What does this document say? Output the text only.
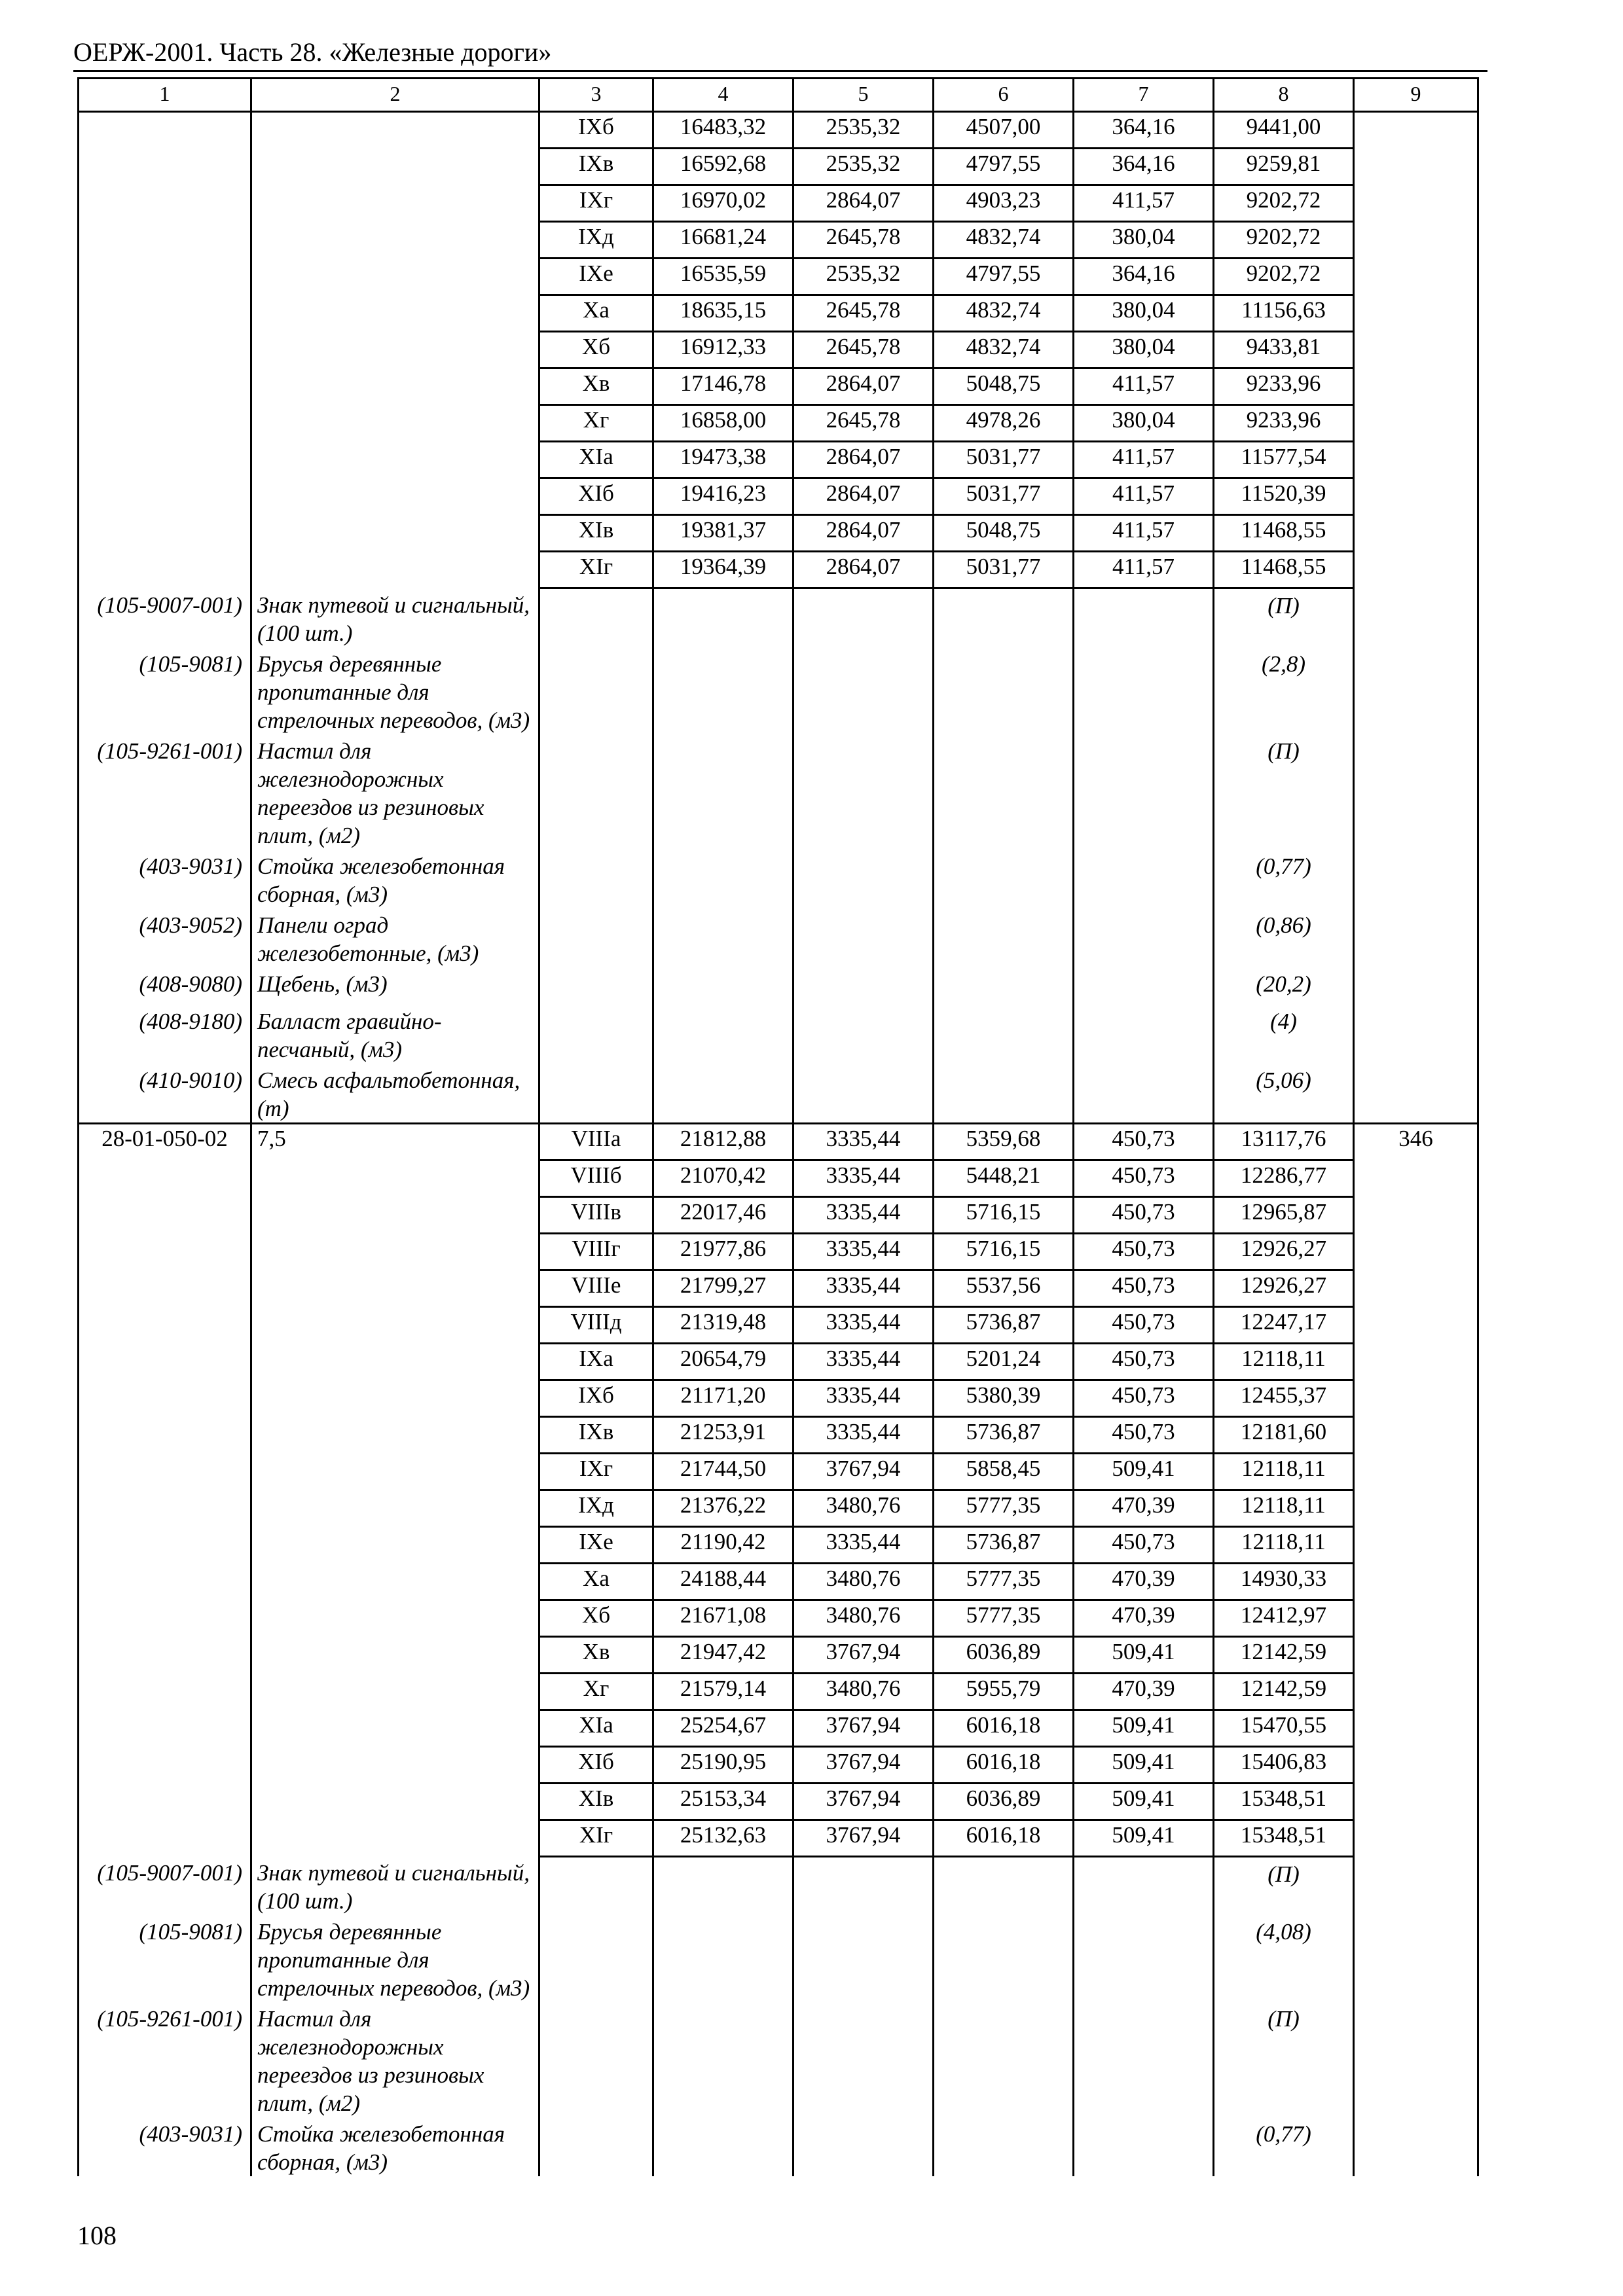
ОЕРЖ-2001. Часть 28. «Железные дороги»
1	2	3	4	5	6	7	8	9
		IXб	16483,32	2535,32	4507,00	364,16	9441,00	
		IXв	16592,68	2535,32	4797,55	364,16	9259,81	
		IXг	16970,02	2864,07	4903,23	411,57	9202,72	
		IXд	16681,24	2645,78	4832,74	380,04	9202,72	
		IXе	16535,59	2535,32	4797,55	364,16	9202,72	
		Xа	18635,15	2645,78	4832,74	380,04	11156,63	
		Xб	16912,33	2645,78	4832,74	380,04	9433,81	
		Xв	17146,78	2864,07	5048,75	411,57	9233,96	
		Xг	16858,00	2645,78	4978,26	380,04	9233,96	
		XIа	19473,38	2864,07	5031,77	411,57	11577,54	
		XIб	19416,23	2864,07	5031,77	411,57	11520,39	
		XIв	19381,37	2864,07	5048,75	411,57	11468,55	
		XIг	19364,39	2864,07	5031,77	411,57	11468,55	
(105-9007-001)	Знак путевой и сигнальный, (100 шт.)						(П)	
(105-9081)	Брусья деревянные пропитанные для стрелочных переводов, (м3)						(2,8)	
(105-9261-001)	Настил для железнодорожных переездов из резиновых плит, (м2)						(П)	
(403-9031)	Стойка железобетонная сборная, (м3)						(0,77)	
(403-9052)	Панели оград железобетонные, (м3)						(0,86)	
(408-9080)	Щебень, (м3)						(20,2)	
(408-9180)	Балласт гравийно-песчаный, (м3)						(4)	
(410-9010)	Смесь асфальтобетонная, (т)						(5,06)	
28-01-050-02	7,5	VIIIа	21812,88	3335,44	5359,68	450,73	13117,76	346
		VIIIб	21070,42	3335,44	5448,21	450,73	12286,77	
		VIIIв	22017,46	3335,44	5716,15	450,73	12965,87	
		VIIIг	21977,86	3335,44	5716,15	450,73	12926,27	
		VIIIе	21799,27	3335,44	5537,56	450,73	12926,27	
		VIIIд	21319,48	3335,44	5736,87	450,73	12247,17	
		IXа	20654,79	3335,44	5201,24	450,73	12118,11	
		IXб	21171,20	3335,44	5380,39	450,73	12455,37	
		IXв	21253,91	3335,44	5736,87	450,73	12181,60	
		IXг	21744,50	3767,94	5858,45	509,41	12118,11	
		IXд	21376,22	3480,76	5777,35	470,39	12118,11	
		IXе	21190,42	3335,44	5736,87	450,73	12118,11	
		Xа	24188,44	3480,76	5777,35	470,39	14930,33	
		Xб	21671,08	3480,76	5777,35	470,39	12412,97	
		Xв	21947,42	3767,94	6036,89	509,41	12142,59	
		Xг	21579,14	3480,76	5955,79	470,39	12142,59	
		XIа	25254,67	3767,94	6016,18	509,41	15470,55	
		XIб	25190,95	3767,94	6016,18	509,41	15406,83	
		XIв	25153,34	3767,94	6036,89	509,41	15348,51	
		XIг	25132,63	3767,94	6016,18	509,41	15348,51	
(105-9007-001)	Знак путевой и сигнальный, (100 шт.)						(П)	
(105-9081)	Брусья деревянные пропитанные для стрелочных переводов, (м3)						(4,08)	
(105-9261-001)	Настил для железнодорожных переездов из резиновых плит, (м2)						(П)	
(403-9031)	Стойка железобетонная сборная, (м3)						(0,77)	
108
